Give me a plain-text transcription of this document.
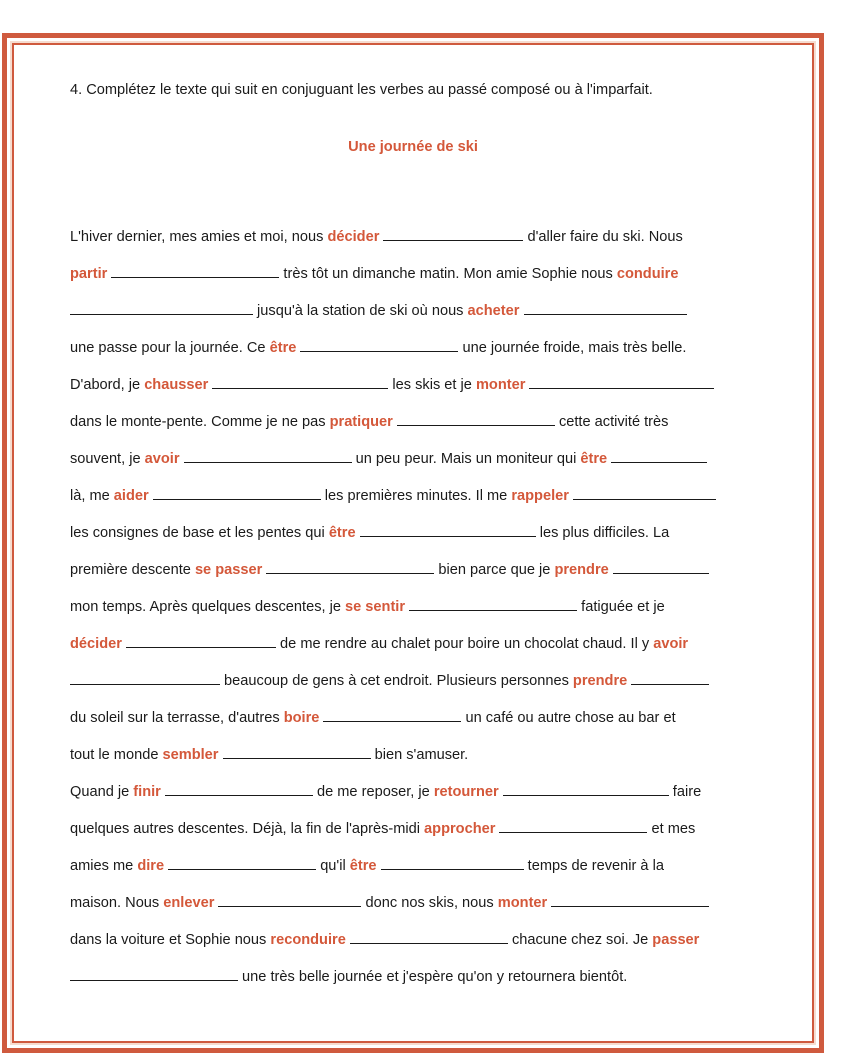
4. Complétez le texte qui suit en conjuguant les verbes au passé composé ou à l'imparfait.
Une journée de ski
L'hiver dernier, mes amies et moi, nous décider	d'aller faire du ski. Nous
partir	très tôt un dimanche matin. Mon amie Sophie nous conduire
jusqu'à la station de ski où nous acheter
une passe pour la journée. Ce être	une journée froide, mais très belle.
D'abord, je chausser	les skis et je monter
dans le monte-pente. Comme je ne pas pratiquer	cette activité très
souvent, je avoir	un peu peur. Mais un moniteur qui être
là, me aider	les premières minutes. Il me rappeler
les consignes de base et les pentes qui être	les plus difficiles. La
première descente se passer	bien parce que je prendre
mon temps. Après quelques descentes, je se sentir	fatiguée et je
décider	de me rendre au chalet pour boire un chocolat chaud. Il y avoir
beaucoup de gens à cet endroit. Plusieurs personnes prendre
du soleil sur la terrasse, d'autres boire	un café ou autre chose au bar et
tout le monde sembler	bien s'amuser.
Quand je finir	de me reposer, je retourner	faire
quelques autres descentes. Déjà, la fin de l'après-midi approcher	et mes
amies me dire	qu'il être	temps de revenir à la
maison. Nous enlever	donc nos skis, nous monter
dans la voiture et Sophie nous reconduire	chacune chez soi. Je passer
une très belle journée et j'espère qu'on y retournera bientôt.
